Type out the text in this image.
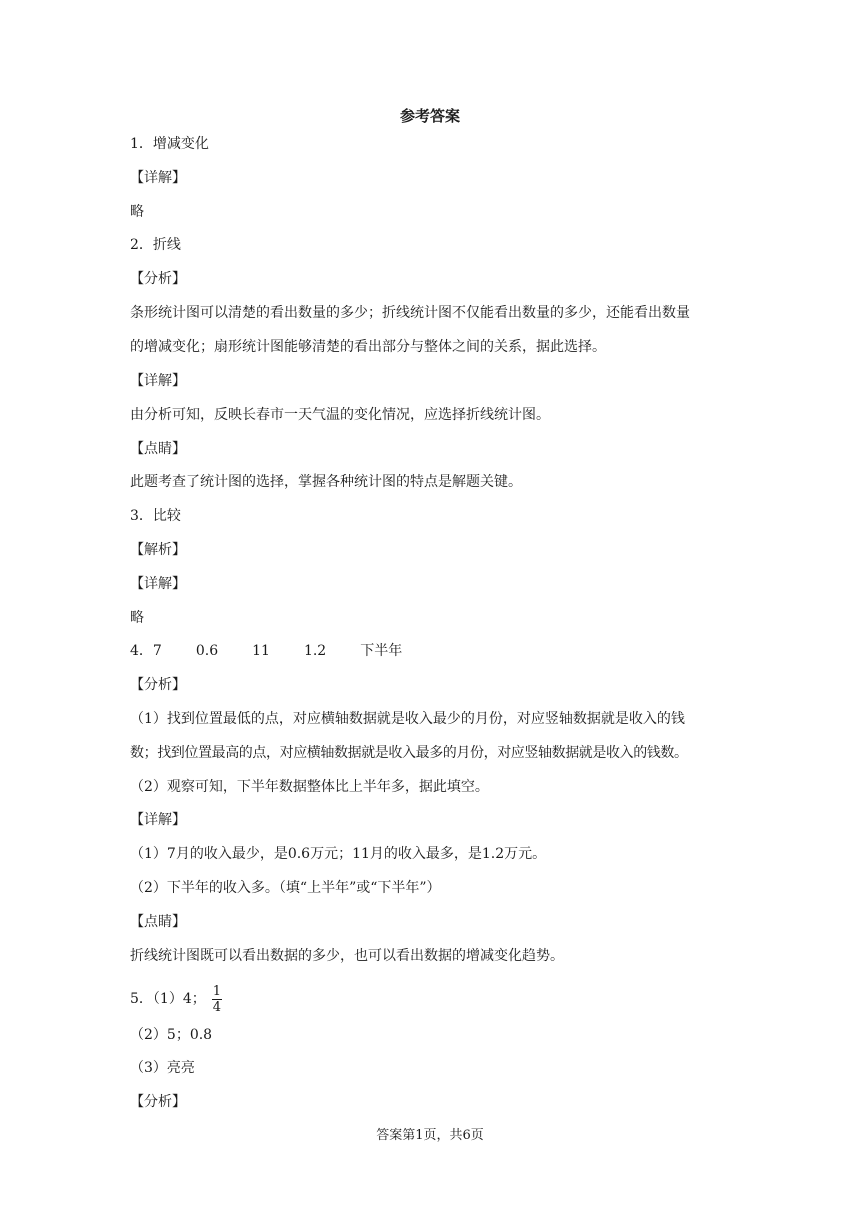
参考答案
1．增减变化
【详解】
略
2．折线
【分析】
条形统计图可以清楚的看出数量的多少；折线统计图不仅能看出数量的多少，还能看出数量
的增减变化；扇形统计图能够清楚的看出部分与整体之间的关系，据此选择。
【详解】
由分析可知，反映长春市一天气温的变化情况，应选择折线统计图。
【点睛】
此题考查了统计图的选择，掌握各种统计图的特点是解题关键。
3．比较
【解析】
【详解】
略
4．7 0.6 11 1.2 下半年
【分析】
（1）找到位置最低的点，对应横轴数据就是收入最少的月份，对应竖轴数据就是收入的钱
数；找到位置最高的点，对应横轴数据就是收入最多的月份，对应竖轴数据就是收入的钱数。
（2）观察可知，下半年数据整体比上半年多，据此填空。
【详解】
（1）7月的收入最少，是0.6万元；11月的收入最多，是1.2万元。
（2）下半年的收入多。（填“上半年”或“下半年”）
【点睛】
折线统计图既可以看出数据的多少，也可以看出数据的增减变化趋势。
5．（1）4； $\frac{1}{4}$
（2）5；0.8
（3）亮亮
【分析】
答案第1页，共6页
